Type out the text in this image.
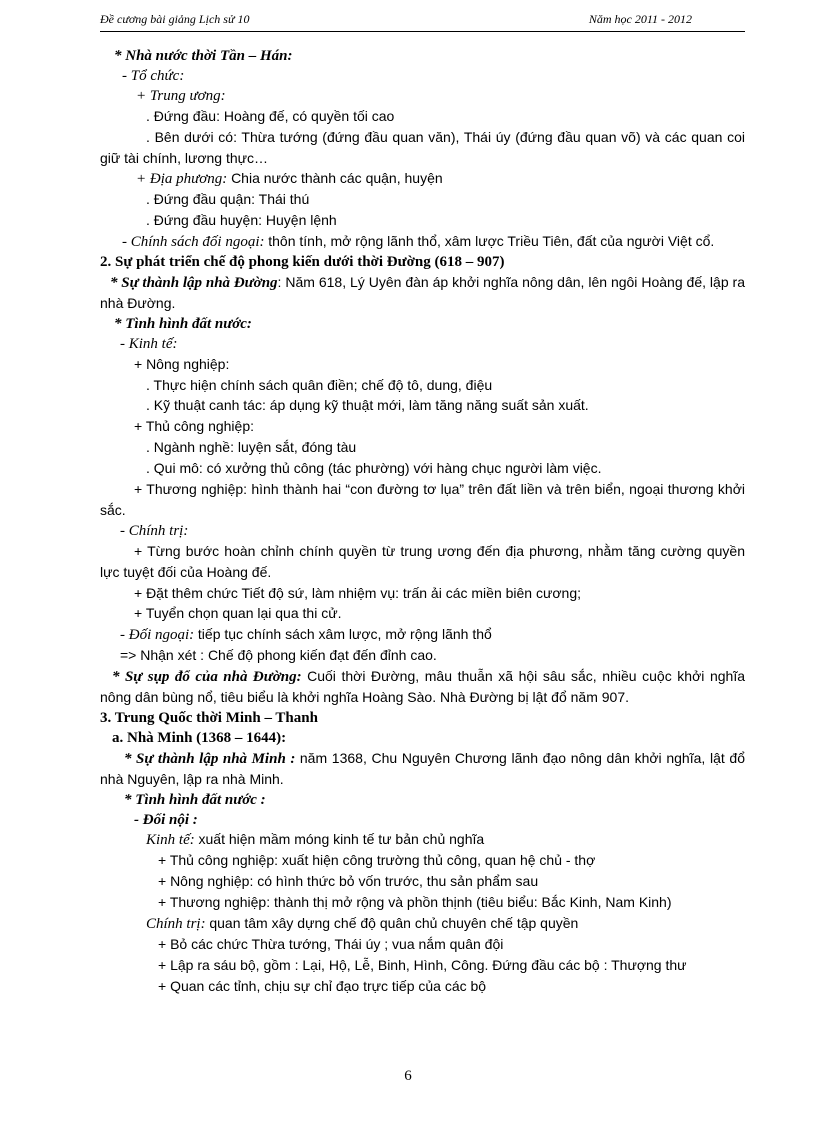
Đề cương bài giảng Lịch sử 10	Năm học 2011 - 2012

* Nhà nước thời Tần – Hán:

- Tổ chức:

+ Trung ương:

. Đứng đầu: Hoàng đế, có quyền tối cao

. Bên dưới có: Thừa tướng (đứng đầu quan văn), Thái úy (đứng đầu quan võ) và các quan coi giữ tài chính, lương thực…

+ Địa phương: Chia nước thành các quận, huyện

. Đứng đầu quận: Thái thú

. Đứng đầu huyện: Huyện lệnh

- Chính sách đối ngoại: thôn tính, mở rộng lãnh thổ, xâm lược Triều Tiên, đất của người Việt cổ.

2. Sự phát triển chế độ phong kiến dưới thời Đường (618 – 907)

* Sự thành lập nhà Đường: Năm 618, Lý Uyên đàn áp khởi nghĩa nông dân, lên ngôi Hoàng đế, lập ra nhà Đường.

* Tình hình đất nước:

- Kinh tế:

+ Nông nghiệp:

. Thực hiện chính sách quân điền; chế độ tô, dung, điệu

. Kỹ thuật canh tác: áp dụng kỹ thuật mới, làm tăng năng suất sản xuất.

+ Thủ công nghiệp:

. Ngành nghề: luyện sắt, đóng tàu

. Qui mô: có xưởng thủ công (tác phường) với hàng chục người làm việc.

+ Thương nghiệp: hình thành hai “con đường tơ lụa” trên đất liền và trên biển, ngoại thương khởi sắc.

- Chính trị:

+ Từng bước hoàn chỉnh chính quyền từ trung ương đến địa phương, nhằm tăng cường quyền lực tuyệt đối của Hoàng đế.

+ Đặt thêm chức Tiết độ sứ, làm nhiệm vụ: trấn ải các miền biên cương;

+ Tuyển chọn quan lại qua thi cử.

- Đối ngoại: tiếp tục chính sách xâm lược, mở rộng lãnh thổ

=> Nhận xét : Chế độ phong kiến đạt đến đỉnh cao.

* Sự sụp đổ của nhà Đường: Cuối thời Đường, mâu thuẫn xã hội sâu sắc, nhiều cuộc khởi nghĩa nông dân bùng nổ, tiêu biểu là khởi nghĩa Hoàng Sào. Nhà Đường bị lật đổ năm 907.

3. Trung Quốc thời Minh – Thanh

a. Nhà Minh (1368 – 1644):

* Sự thành lập nhà Minh : năm 1368, Chu Nguyên Chương lãnh đạo nông dân khởi nghĩa, lật đổ nhà Nguyên, lập ra nhà Minh.

* Tình hình đất nước :

- Đối nội :

Kinh tế: xuất hiện mầm móng kinh tế tư bản chủ nghĩa

+ Thủ công nghiệp: xuất hiện công trường thủ công, quan hệ chủ - thợ

+ Nông nghiệp: có hình thức bỏ vốn trước, thu sản phẩm sau

+ Thương nghiệp: thành thị mở rộng và phồn thịnh (tiêu biểu: Bắc Kinh, Nam Kinh)

Chính trị: quan tâm xây dựng chế độ quân chủ chuyên chế tập quyền

+ Bỏ các chức Thừa tướng, Thái úy ; vua nắm quân đội

+ Lập ra sáu bộ, gồm : Lại, Hộ, Lễ, Binh, Hình, Công. Đứng đầu các bộ : Thượng thư

+ Quan các tỉnh, chịu sự chỉ đạo trực tiếp của các bộ

6
